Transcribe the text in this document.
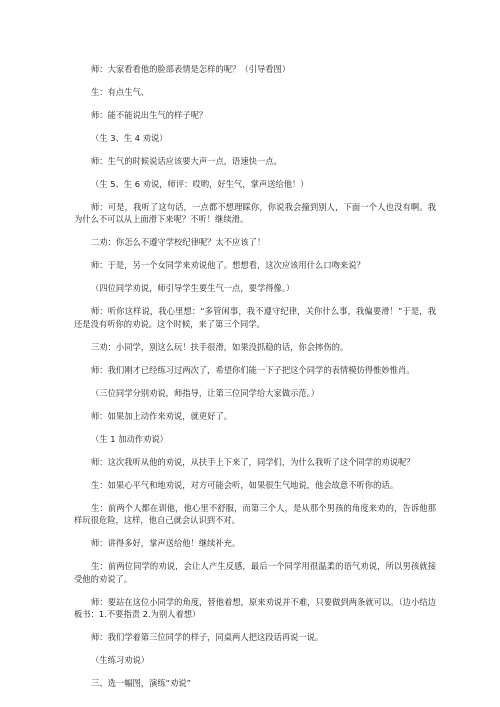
师：大家看看他的脸部表情是怎样的呢？（引导看图）

生：有点生气、

师：能不能说出生气的样子呢？

（生 3、生 4 劝说）

师：生气的时候说话应该要大声一点，语速快一点。

（生 5、生 6 劝说，师评：哎哟，好生气，掌声送给他！）

师：可是，我听了这句话，一点都不想理睬你，你说我会撞到别人，下面一个人也没有啊。我为什么不可以从上面滑下来呢？不听！继续滑。

二劝：你怎么不遵守学校纪律呢？太不应该了！

师：于是，另一个女同学来劝说他了。想想看，这次应该用什么口吻来说？

（四位同学劝说，师引导学生要生气一点，要学得像。）

师：听你这样说，我心里想：“多管闲事，我不遵守纪律，关你什么事，我偏要滑！”于是，我还是没有听你的劝说。这个时候，来了第三个同学。

三劝：小同学，别这么玩！扶手很滑，如果没抓稳的话，你会摔伤的。

师：我们刚才已经练习过两次了，希望你们能一下子把这个同学的表情模仿得惟妙惟肖。

（三位同学分别劝说，师指导，让第三位同学给大家做示范。）

师：如果加上动作来劝说，就更好了。

（生 1 加动作劝说）

师：这次我听从他的劝说，从扶手上下来了，同学们，为什么我听了这个同学的劝说呢？

生：如果心平气和地劝说，对方可能会听，如果很生气地说，他会故意不听你的话。

生：前两个人都在训他，他心里不舒服，而第三个人，是从那个男孩的角度来劝的，告诉他那样玩很危险，这样，他自己就会认识到不对。

师：讲得多好，掌声送给他！继续补充。

生：前两位同学的劝说，会让人产生反感，最后一个同学用很温柔的语气劝说，所以男孩就接受他的劝说了。

师：要站在这位小同学的角度，替他着想，原来劝说并不难，只要做到两条就可以。（边小结边板书：1.不要指责 2.为别人着想）

师：我们学着第三位同学的样子，同桌两人把这段话再说一说。

（生练习劝说）

三、选一幅图，演练“劝说”
